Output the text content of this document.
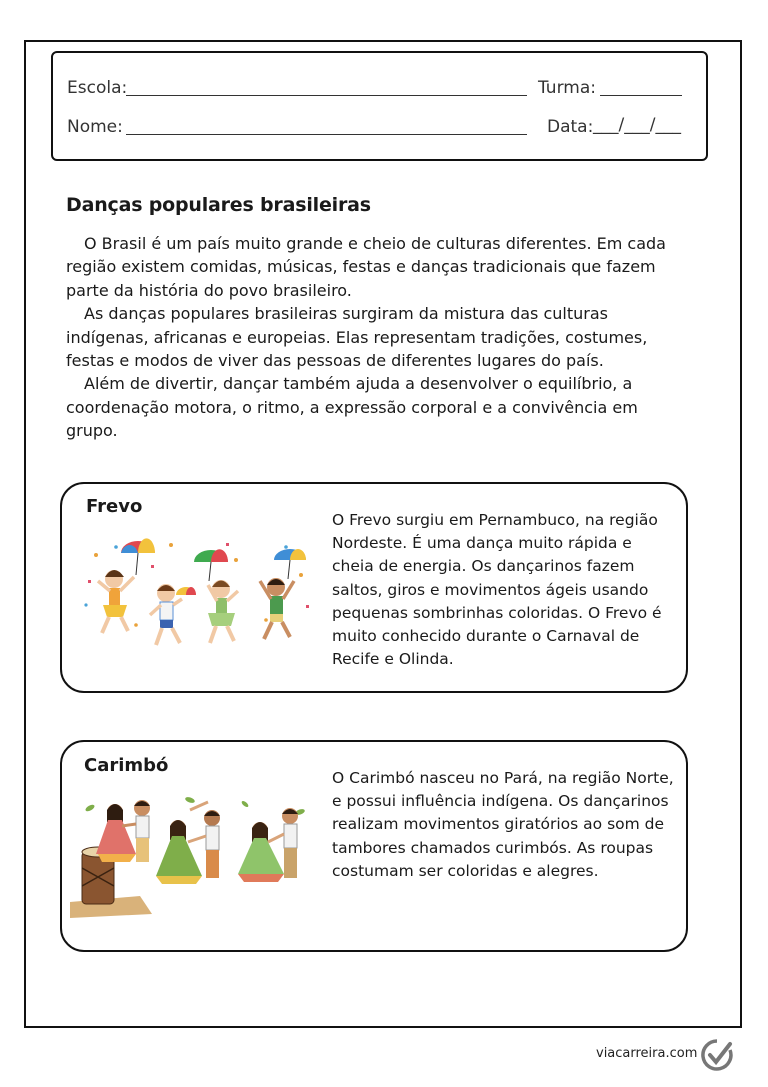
Escola:	Turma:
Nome:	Data: ___/___/___
Danças populares brasileiras

O Brasil é um país muito grande e cheio de culturas diferentes. Em cada região existem comidas, músicas, festas e danças tradicionais que fazem parte da história do povo brasileiro.

As danças populares brasileiras surgiram da mistura das culturas indígenas, africanas e europeias. Elas representam tradições, costumes, festas e modos de viver das pessoas de diferentes lugares do país.

Além de divertir, dançar também ajuda a desenvolver o equilíbrio, a coordenação motora, o ritmo, a expressão corporal e a convivência em grupo.

Frevo
O Frevo surgiu em Pernambuco, na região Nordeste. É uma dança muito rápida e cheia de energia. Os dançarinos fazem saltos, giros e movimentos ágeis usando pequenas sombrinhas coloridas. O Frevo é muito conhecido durante o Carnaval de Recife e Olinda.
Carimbó
O Carimbó nasceu no Pará, na região Norte, e possui influência indígena. Os dançarinos realizam movimentos giratórios ao som de tambores chamados curimbós. As roupas costumam ser coloridas e alegres.
viacarreira.com
